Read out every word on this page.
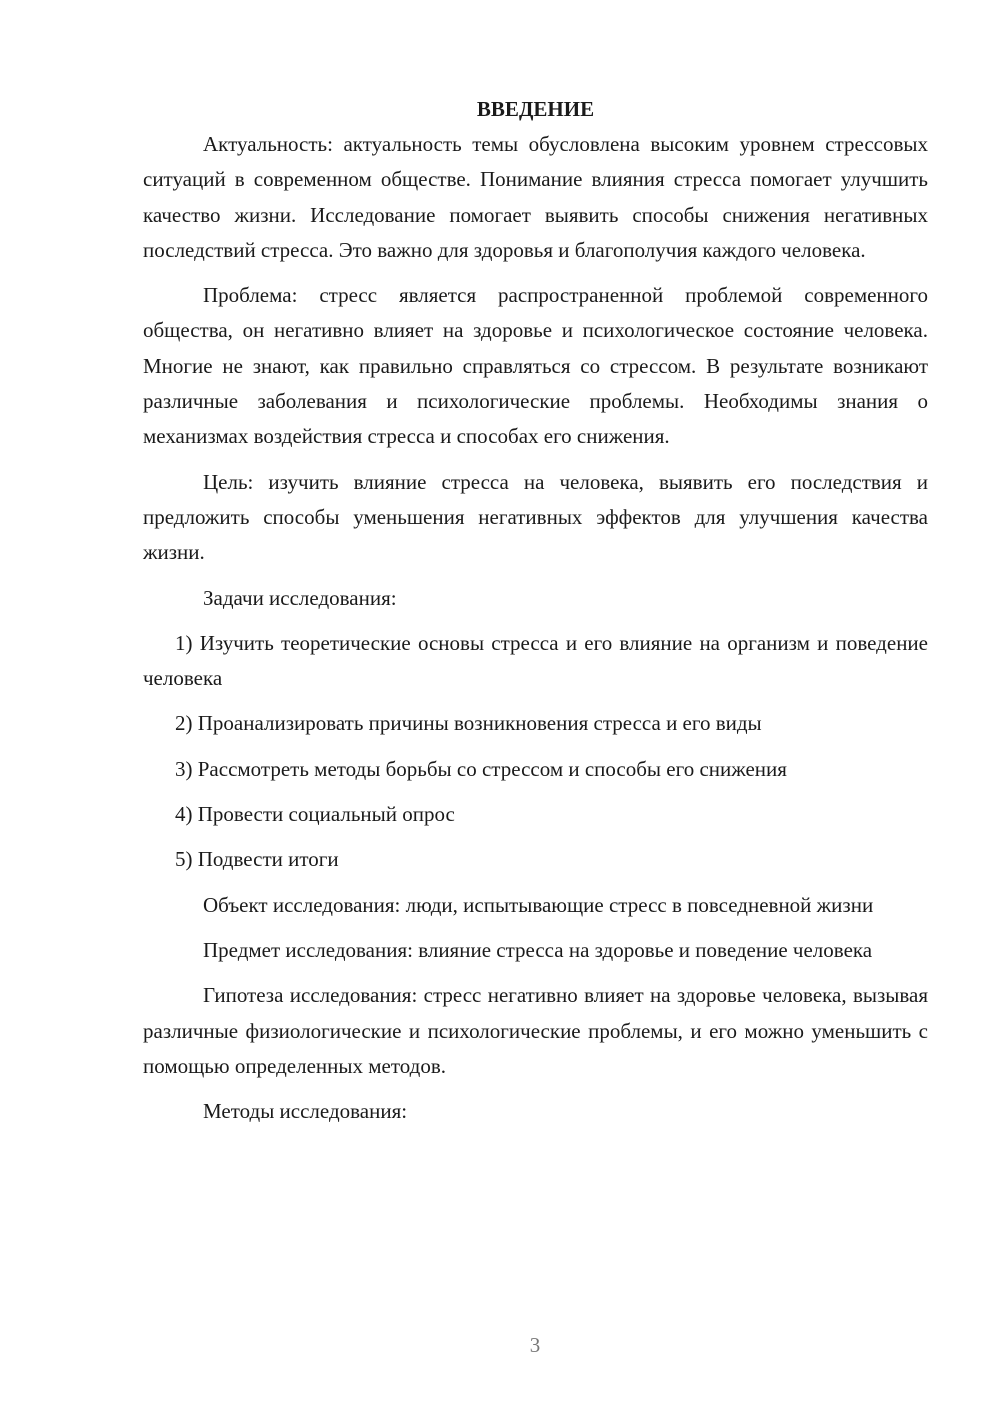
ВВЕДЕНИЕ

Актуальность: актуальность темы обусловлена высоким уровнем стрессовых ситуаций в современном обществе. Понимание влияния стресса помогает улучшить качество жизни. Исследование помогает выявить способы снижения негативных последствий стресса. Это важно для здоровья и благополучия каждого человека.

Проблема: стресс является распространенной проблемой современного общества, он негативно влияет на здоровье и психологическое состояние человека. Многие не знают, как правильно справляться со стрессом. В результате возникают различные заболевания и психологические проблемы. Необходимы знания о механизмах воздействия стресса и способах его снижения.

Цель: изучить влияние стресса на человека, выявить его последствия и предложить способы уменьшения негативных эффектов для улучшения качества жизни.

Задачи исследования:

1) Изучить теоретические основы стресса и его влияние на организм и поведение человека
2) Проанализировать причины возникновения стресса и его виды
3) Рассмотреть методы борьбы со стрессом и способы его снижения
4) Провести социальный опрос
5) Подвести итоги

Объект исследования: люди, испытывающие стресс в повседневной жизни

Предмет исследования: влияние стресса на здоровье и поведение человека

Гипотеза исследования: стресс негативно влияет на здоровье человека, вызывая различные физиологические и психологические проблемы, и его можно уменьшить с помощью определенных методов.

Методы исследования:

3
